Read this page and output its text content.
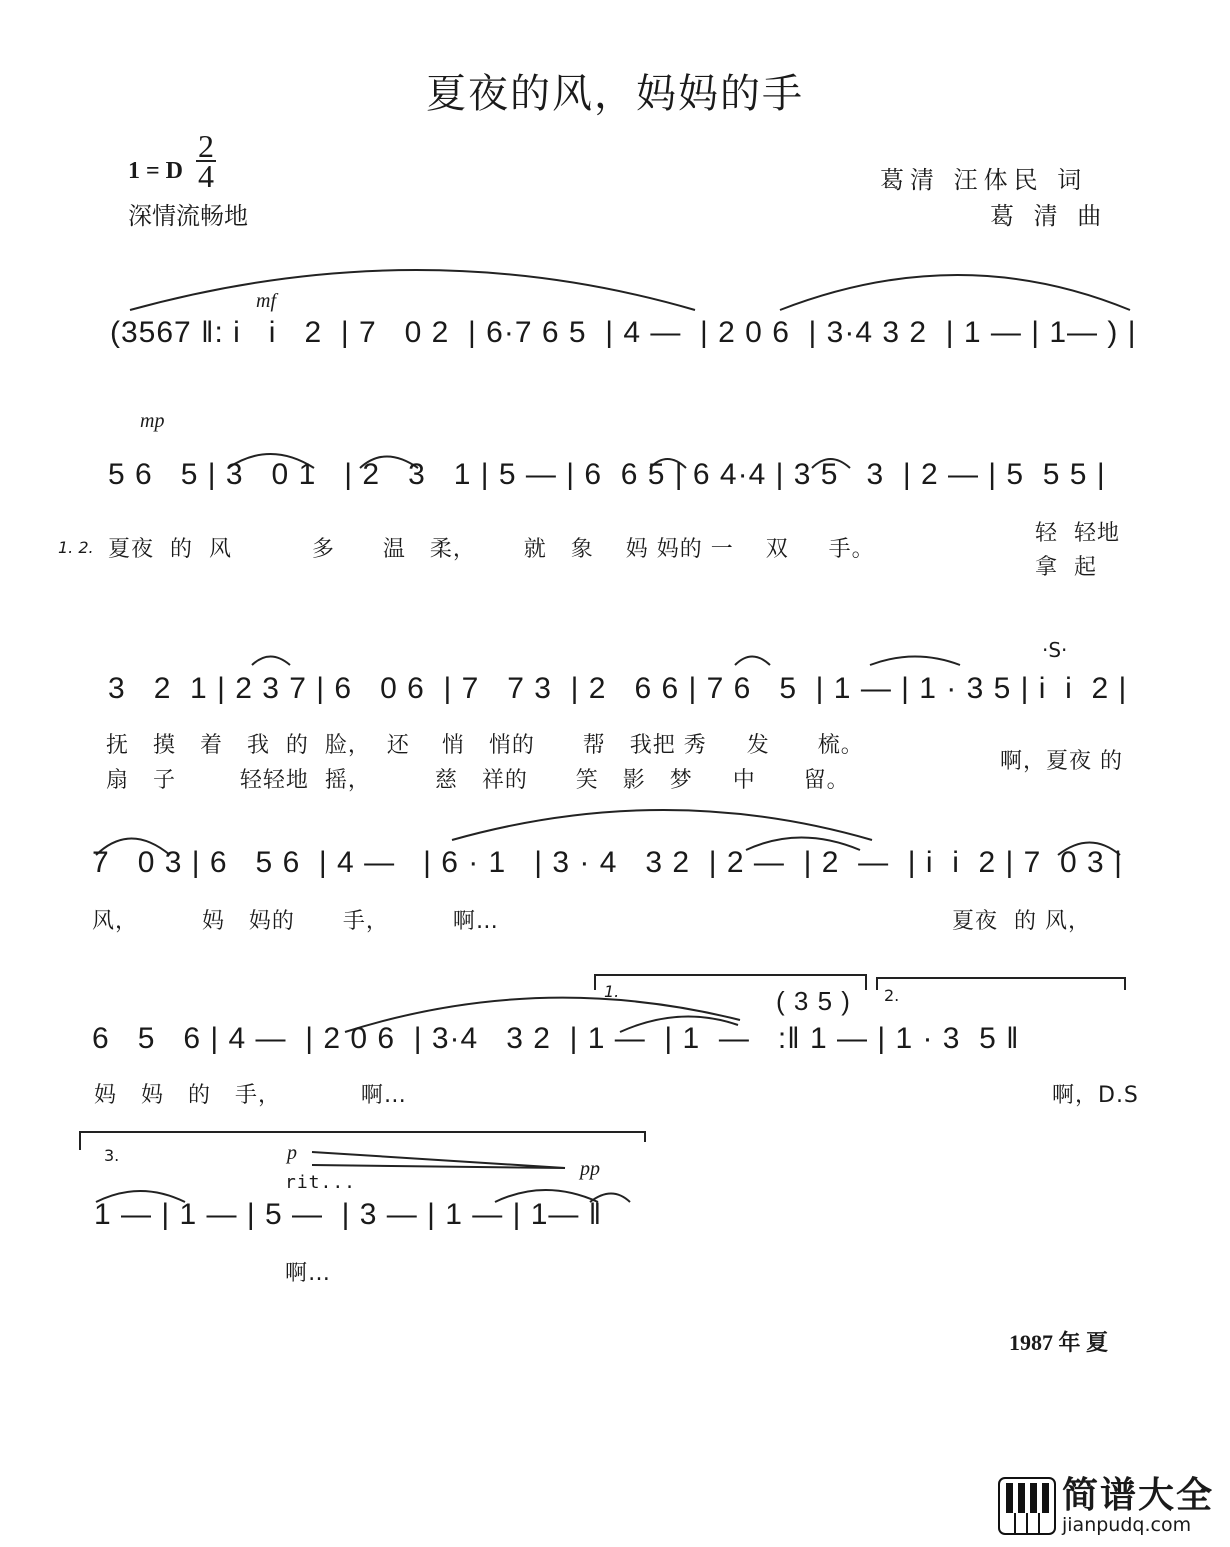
夏夜的风，妈妈的手
1 = D
2
4
深情流畅地
葛清 汪体民 词
葛 清 曲
(3567 ‖: i   i   2  | 7   0 2  | 6·7 6 5  | 4 —  | 2 0 6  | 3·4 3 2  | 1 — | 1— ) |
mf
mp
5 6   5 | 3   0 1   | 2   3   1 | 5 — | 6  6 5 | 6 4·4 | 3 5   3  | 2 — | 5  5 5 |
1. 2. 夏夜  的  风          多      温   柔，      就   象    妈 妈的 一    双     手。
轻  轻地
拿  起
·S·
3   2  1 | 2 3 7 | 6   0 6  | 7   7 3  | 2   6 6 | 7 6   5  | 1 — | 1 · 3 5 | i  i  2 |
抚   摸   着   我  的  脸，  还    悄   悄的      帮   我把 秀     发      梳。
扇   子        轻轻地  摇，        慈   祥的      笑   影   梦     中      留。
啊，夏夜 的
7   0 3 | 6   5 6  | 4 —   | 6 · 1   | 3 · 4   3 2  | 2 —  | 2  —  | i  i  2 | 7  0 3 |
风，        妈   妈的      手，        啊…	夏夜  的 风，
1.	2.
( 3 5 )
6   5   6 | 4 —  | 2 0 6  | 3·4   3 2  | 1 —  | 1  —   :‖ 1 — | 1 · 3  5 ‖
妈   妈   的   手，          啊…	啊，D.S
3.	p
pp
rit...
1 — | 1 — | 5 —  | 3 — | 1 — | 1— ‖
啊…
1987 年 夏
简谱大全
jianpudq.com
